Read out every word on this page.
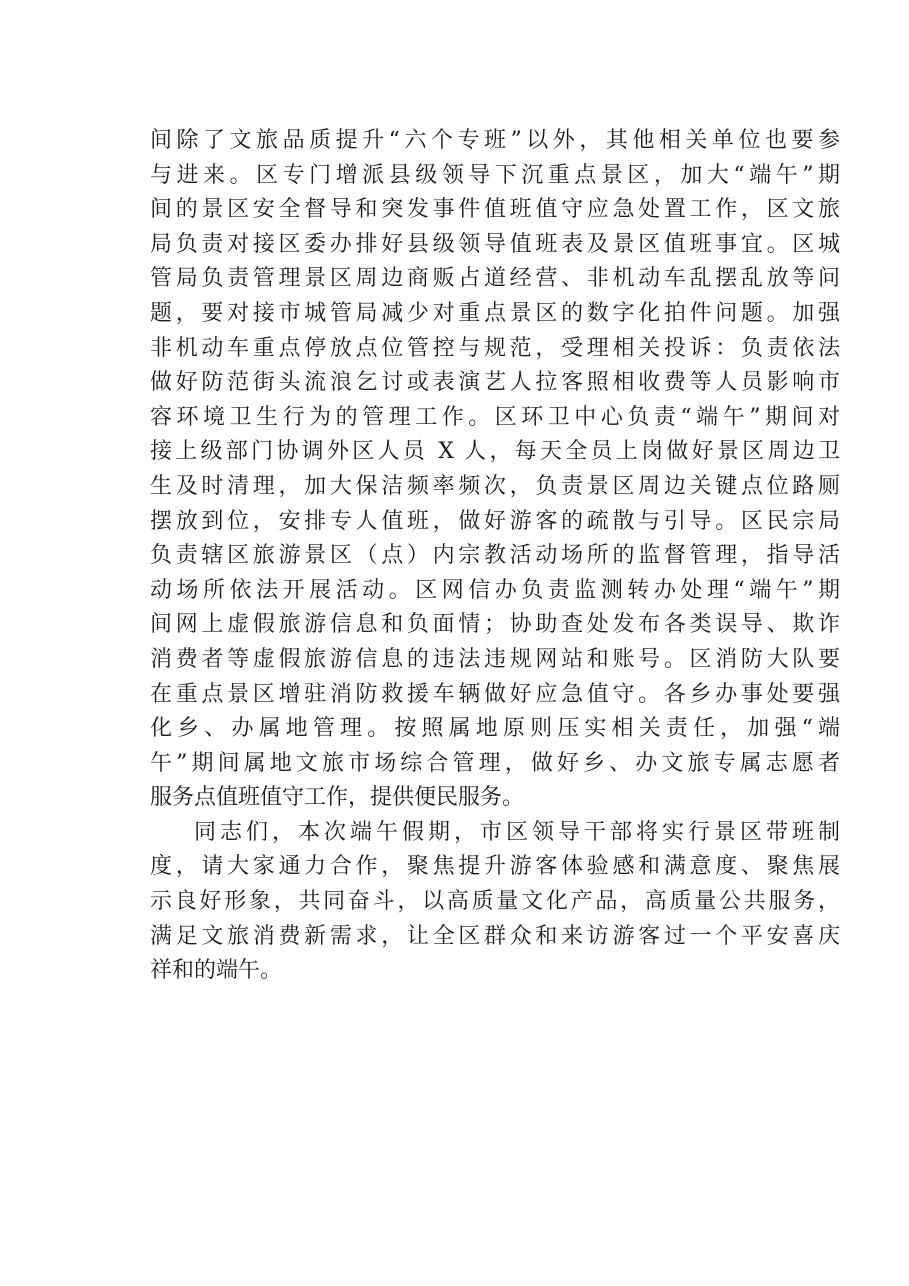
间除了文旅品质提升“六个专班”以外，其他相关单位也要参
与进来。区专门增派县级领导下沉重点景区，加大“端午”期
间的景区安全督导和突发事件值班值守应急处置工作，区文旅
局负责对接区委办排好县级领导值班表及景区值班事宜。区城
管局负责管理景区周边商贩占道经营、非机动车乱摆乱放等问
题，要对接市城管局减少对重点景区的数字化拍件问题。加强
非机动车重点停放点位管控与规范，受理相关投诉：负责依法
做好防范街头流浪乞讨或表演艺人拉客照相收费等人员影响市
容环境卫生行为的管理工作。区环卫中心负责“端午”期间对
接上级部门协调外区人员 X 人，每天全员上岗做好景区周边卫
生及时清理，加大保洁频率频次，负责景区周边关键点位路厕
摆放到位，安排专人值班，做好游客的疏散与引导。区民宗局
负责辖区旅游景区（点）内宗教活动场所的监督管理，指导活
动场所依法开展活动。区网信办负责监测转办处理“端午”期
间网上虚假旅游信息和负面情；协助查处发布各类误导、欺诈
消费者等虚假旅游信息的违法违规网站和账号。区消防大队要
在重点景区增驻消防救援车辆做好应急值守。各乡办事处要强
化乡、办属地管理。按照属地原则压实相关责任，加强“端
午”期间属地文旅市场综合管理，做好乡、办文旅专属志愿者
服务点值班值守工作，提供便民服务。
同志们，本次端午假期，市区领导干部将实行景区带班制
度，请大家通力合作，聚焦提升游客体验感和满意度、聚焦展
示良好形象，共同奋斗，以高质量文化产品，高质量公共服务，
满足文旅消费新需求，让全区群众和来访游客过一个平安喜庆
祥和的端午。
